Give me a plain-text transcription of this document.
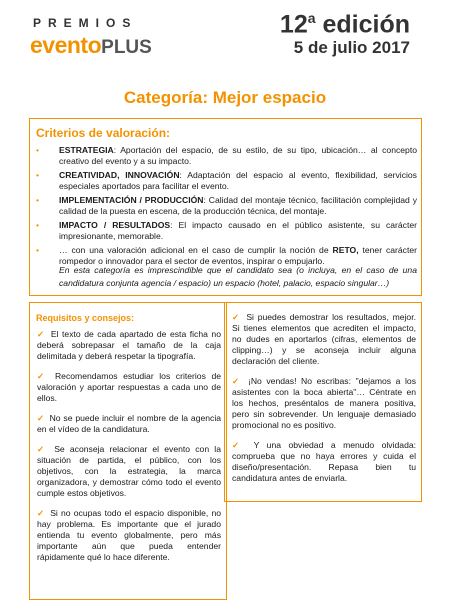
PREMIOS
eventoPLUS
12$^a$ edición
5 de julio 2017
Categoría: Mejor espacio
Criterios de valoración:
• ESTRATEGIA: Aportación del espacio, de su estilo, de su tipo, ubicación… al concepto creativo del evento y a su impacto.
• CREATIVIDAD, INNOVACIÓN: Adaptación del espacio al evento, flexibilidad, servicios especiales aportados para facilitar el evento.
• IMPLEMENTACIÓN / PRODUCCIÓN: Calidad del montaje técnico, facilitación complejidad y calidad de la puesta en escena, de la producción técnica, del montaje.
• IMPACTO / RESULTADOS: El impacto causado en el público asistente, su carácter impresionante, memorable.
• … con una valoración adicional en el caso de cumplir la noción de RETO, tener carácter rompedor o innovador para el sector de eventos, inspirar o empujarlo.
En esta categoría es imprescindible que el candidato sea (o incluya, en el caso de una candidatura conjunta agencia / espacio) un espacio (hotel, palacio, espacio singular…)
Requisitos y consejos:
✓ El texto de cada apartado de esta ficha no deberá sobrepasar el tamaño de la caja delimitada y deberá respetar la tipografía.
✓ Recomendamos estudiar los criterios de valoración y aportar respuestas a cada uno de ellos.
✓ No se puede incluir el nombre de la agencia en el vídeo de la candidatura.
✓ Se aconseja relacionar el evento con la situación de partida, el público, con los objetivos, con la estrategia, la marca organizadora, y demostrar cómo todo el evento cumple estos objetivos.
✓ Si no ocupas todo el espacio disponible, no hay problema. Es importante que el jurado entienda tu evento globalmente, pero más importante aún que pueda entender rápidamente qué lo hace diferente.
✓ Si puedes demostrar los resultados, mejor. Si tienes elementos que acrediten el impacto, no dudes en aportarlos (cifras, elementos de clipping…) y se aconseja incluir alguna declaración del cliente.
✓ ¡No vendas! No escribas: "dejamos a los asistentes con la boca abierta"… Céntrate en los hechos, preséntalos de manera positiva, pero sin sobrevender. Un lenguaje demasiado promocional no es positivo.
✓ Y una obviedad a menudo olvidada: comprueba que no haya errores y cuida el diseño/presentación. Repasa bien tu candidatura antes de enviarla.
